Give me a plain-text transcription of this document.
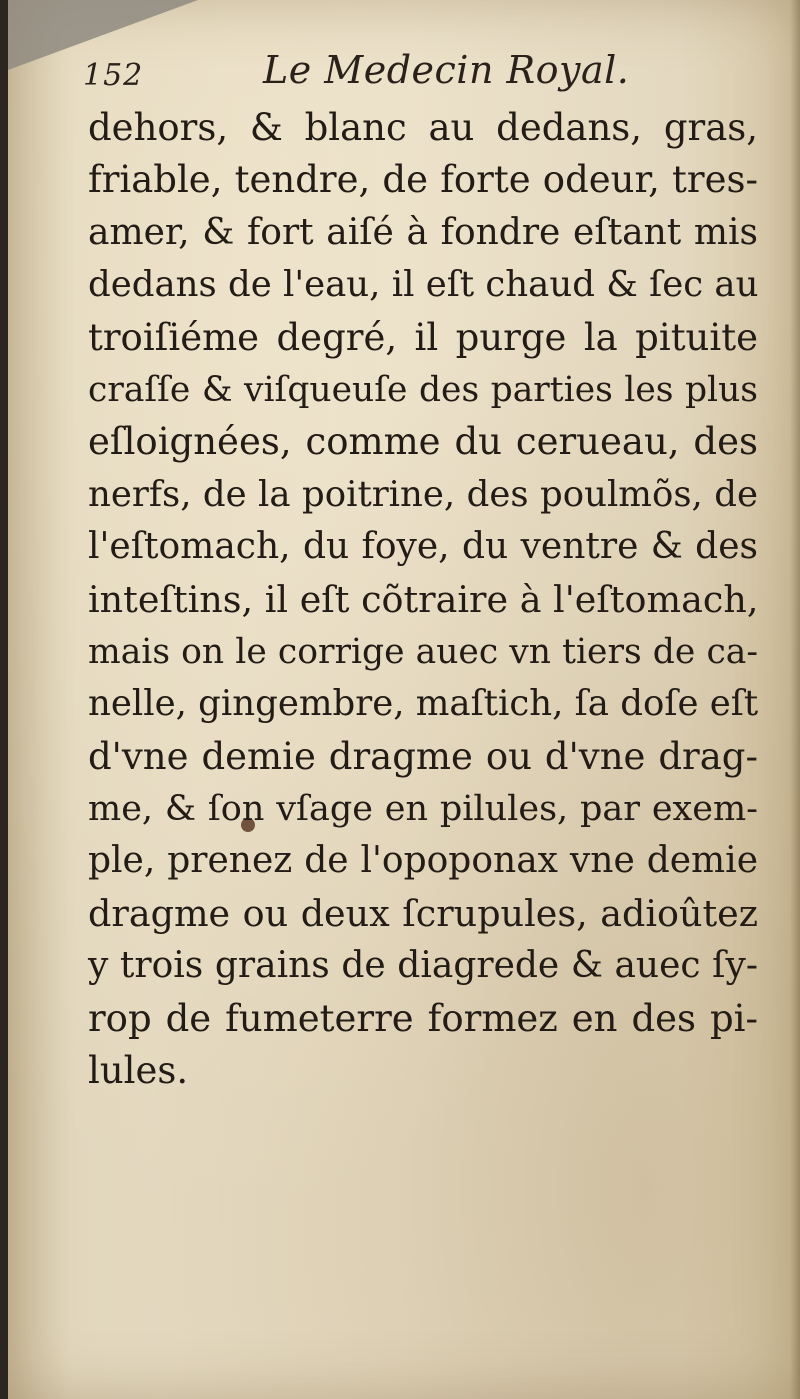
152	Le Medecin Royal.
dehors, & blanc au dedans, gras,
friable, tendre, de forte odeur, tres-
amer, & fort aiſé à fondre eſtant mis
dedans de l'eau, il eſt chaud & ſec au
troiſiéme degré, il purge la pituite
craſſe & viſqueuſe des parties les plus
eſloignées, comme du cerueau, des
nerfs, de la poitrine, des poulmõs, de
l'eſtomach, du foye, du ventre & des
inteſtins, il eſt cõtraire à l'eſtomach,
mais on le corrige auec vn tiers de ca-
nelle, gingembre, maſtich, ſa doſe eſt
d'vne demie dragme ou d'vne drag-
me, & ſon vſage en pilules, par exem-
ple, prenez de l'opoponax vne demie
dragme ou deux ſcrupules, adioûtez
y trois grains de diagrede & auec ſy-
rop de fumeterre formez en des pi-
lules.
